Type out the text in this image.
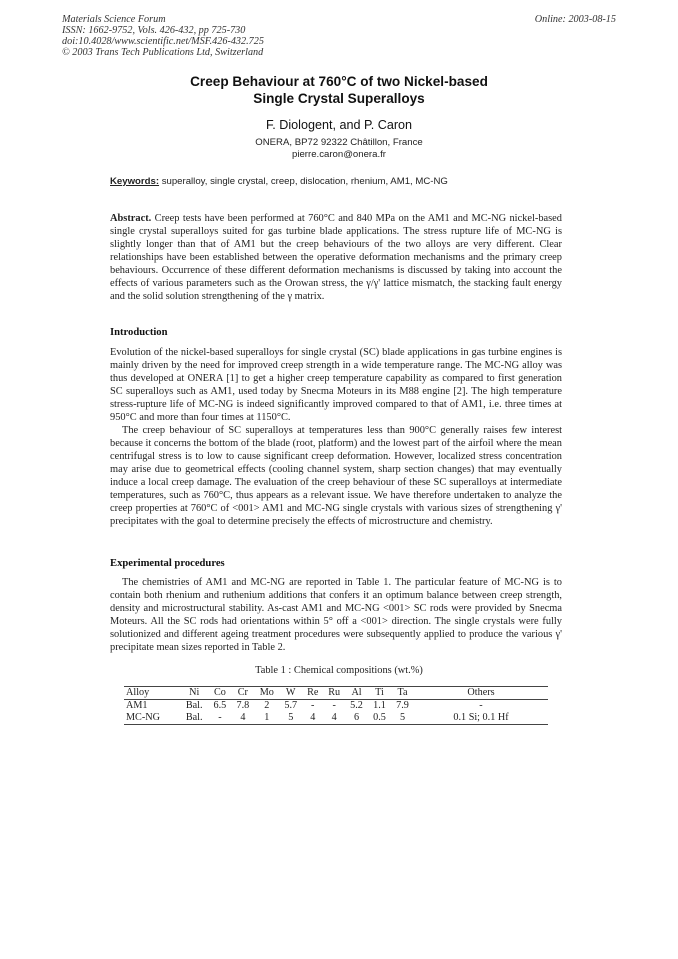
Materials Science Forum
ISSN: 1662-9752, Vols. 426-432, pp 725-730
doi:10.4028/www.scientific.net/MSF.426-432.725
© 2003 Trans Tech Publications Ltd, Switzerland
Online: 2003-08-15
Creep Behaviour at 760°C of two Nickel-based
Single Crystal Superalloys
F. Diologent, and P. Caron
ONERA, BP72 92322 Châtillon, France
pierre.caron@onera.fr
Keywords: superalloy, single crystal, creep, dislocation, rhenium, AM1, MC-NG

Abstract. Creep tests have been performed at 760°C and 840 MPa on the AM1 and MC-NG nickel-based single crystal superalloys suited for gas turbine blade applications. The stress rupture life of MC-NG is slightly longer than that of AM1 but the creep behaviours of the two alloys are very different. Clear relationships have been established between the operative deformation mechanisms and the primary creep behaviours. Occurrence of these different deformation mechanisms is discussed by taking into account the effects of various parameters such as the Orowan stress, the γ/γ' lattice mismatch, the stacking fault energy and the solid solution strengthening of the γ matrix.

Introduction

Evolution of the nickel-based superalloys for single crystal (SC) blade applications in gas turbine engines is mainly driven by the need for improved creep strength in a wide temperature range. The MC-NG alloy was thus developed at ONERA [1] to get a higher creep temperature capability as compared to first generation SC superalloys such as AM1, used today by Snecma Moteurs in its M88 engine [2]. The high temperature stress-rupture life of MC-NG is indeed significantly improved compared to that of AM1, i.e. three times at 950°C and more than four times at 1150°C.

The creep behaviour of SC superalloys at temperatures less than 900°C generally raises few interest because it concerns the bottom of the blade (root, platform) and the lowest part of the airfoil where the mean centrifugal stress is to low to cause significant creep deformation. However, localized stress concentration may arise due to geometrical effects (cooling channel system, sharp section changes) that may eventually induce a local creep damage. The evaluation of the creep behaviour of these SC superalloys at intermediate temperatures, such as 760°C, thus appears as a relevant issue. We have therefore undertaken to analyze the creep properties at 760°C of <001> AM1 and MC-NG single crystals with various sizes of strengthening γ' precipitates with the goal to determine precisely the effects of microstructure and chemistry.

Experimental procedures

The chemistries of AM1 and MC-NG are reported in Table 1. The particular feature of MC-NG is to contain both rhenium and ruthenium additions that confers it an optimum balance between creep strength, density and microstructural stability. As-cast AM1 and MC-NG <001> SC rods were provided by Snecma Moteurs. All the SC rods had orientations within 5° off a <001> direction. The single crystals were fully solutionized and different ageing treatment procedures were subsequently applied to produce the various γ' precipitate mean sizes reported in Table 2.

Table 1 : Chemical compositions (wt.%)
Alloy	Ni	Co	Cr	Mo	W	Re	Ru	Al	Ti	Ta	Others
AM1	Bal.	6.5	7.8	2	5.7	-	-	5.2	1.1	7.9	-
MC-NG	Bal.	-	4	1	5	4	4	6	0.5	5	0.1 Si; 0.1 Hf
